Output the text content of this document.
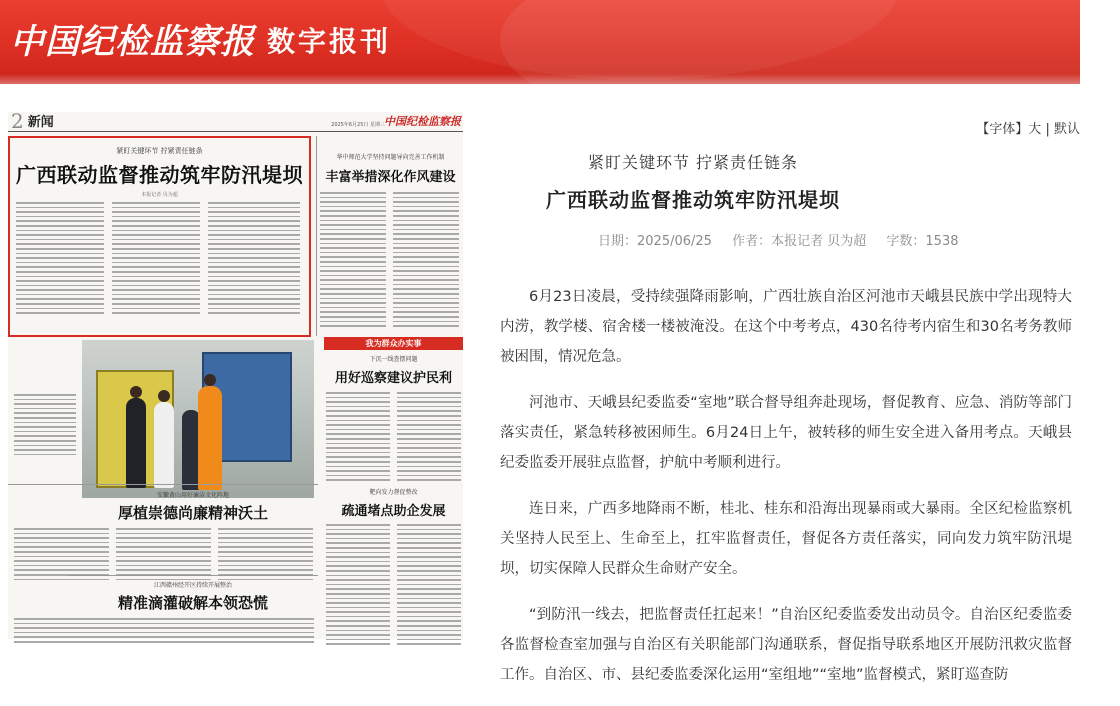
中国纪检监察报 数字报刊
2 新闻	2025年6月25日 星期三 中国纪检监察报
紧盯关键环节 拧紧责任链条
广西联动监督推动筑牢防汛堤坝
本报记者 贝为超
华中师范大学坚持问题导向完善工作机制
丰富举措深化作风建设
我为群众办实事
下沉一线查摆问题
用好巡察建议护民利
安徽黄山用好廉洁文化阵地
厚植崇德尚廉精神沃土
靶向发力督促整改
疏通堵点助企发展
江西赣州经开区持续开展整治
精准滴灌破解本领恐慌
【字体】大 | 默认
紧盯关键环节 拧紧责任链条
广西联动监督推动筑牢防汛堤坝
日期：2025/06/25 作者：本报记者 贝为超 字数：1538

6月23日凌晨，受持续强降雨影响，广西壮族自治区河池市天峨县民族中学出现特大内涝，教学楼、宿舍楼一楼被淹没。在这个中考考点，430名待考内宿生和30名考务教师被困围，情况危急。

河池市、天峨县纪委监委“室地”联合督导组奔赴现场，督促教育、应急、消防等部门落实责任，紧急转移被困师生。6月24日上午，被转移的师生安全进入备用考点。天峨县纪委监委开展驻点监督，护航中考顺利进行。

连日来，广西多地降雨不断，桂北、桂东和沿海出现暴雨或大暴雨。全区纪检监察机关坚持人民至上、生命至上，扛牢监督责任，督促各方责任落实，同向发力筑牢防汛堤坝，切实保障人民群众生命财产安全。

“到防汛一线去，把监督责任扛起来！”自治区纪委监委发出动员令。自治区纪委监委各监督检查室加强与自治区有关职能部门沟通联系，督促指导联系地区开展防汛救灾监督工作。自治区、市、县纪委监委深化运用“室组地”“室地”监督模式，紧盯巡查防
